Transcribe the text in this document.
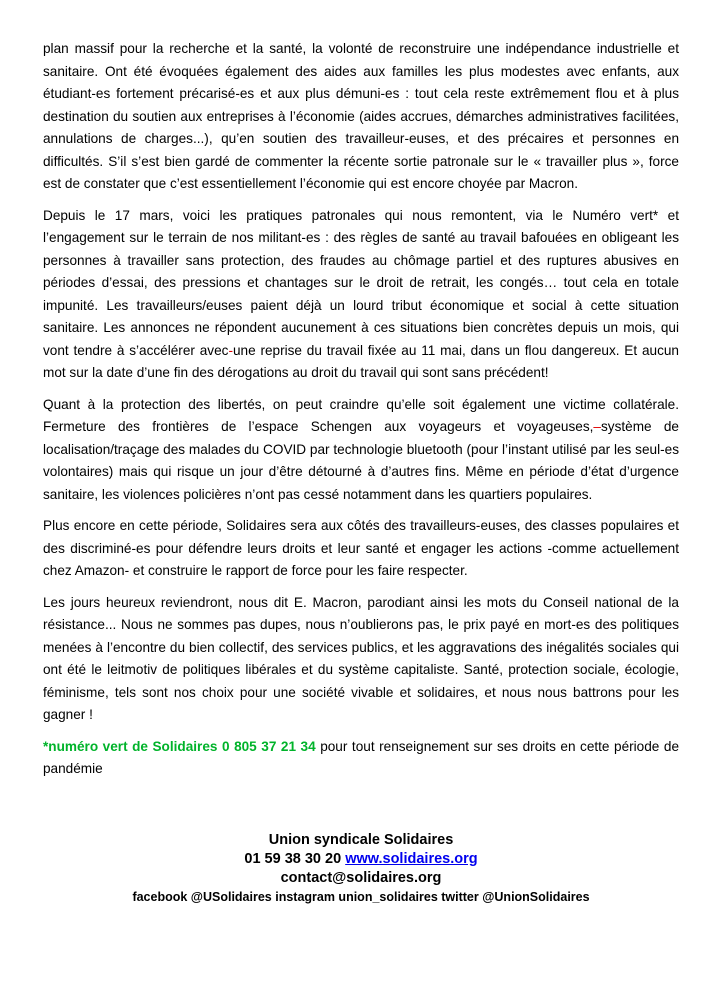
plan massif pour la recherche et la santé, la volonté de reconstruire une indépendance industrielle et sanitaire. Ont été évoquées également des aides aux familles les plus modestes avec enfants, aux étudiant-es fortement précarisé-es et aux plus démuni-es : tout cela reste extrêmement flou et à plus destination du soutien aux entreprises à l’économie (aides accrues, démarches administratives facilitées, annulations de charges...), qu’en soutien des travailleur-euses, et des précaires et personnes en difficultés. S’il s’est bien gardé de commenter la récente sortie patronale sur le « travailler plus », force est de constater que c’est essentiellement l’économie qui est encore choyée par Macron.

Depuis le 17 mars, voici les pratiques patronales qui nous remontent, via le Numéro vert* et l’engagement sur le terrain de nos militant-es : des règles de santé au travail bafouées en obligeant les personnes à travailler sans protection, des fraudes au chômage partiel et des ruptures abusives en périodes d’essai, des pressions et chantages sur le droit de retrait, les congés… tout cela en totale impunité. Les travailleurs/euses paient déjà un lourd tribut économique et social à cette situation sanitaire. Les annonces ne répondent aucunement à ces situations bien concrètes depuis un mois, qui vont tendre à s’accélérer avec-une reprise du travail fixée au 11 mai, dans un flou dangereux. Et aucun mot sur la date d’une fin des dérogations au droit du travail qui sont sans précédent!

Quant à la protection des libertés, on peut craindre qu’elle soit également une victime collatérale. Fermeture des frontières de l’espace Schengen aux voyageurs et voyageuses,–système de localisation/traçage des malades du COVID par technologie bluetooth (pour l’instant utilisé par les seul-es volontaires) mais qui risque un jour d’être détourné à d’autres fins. Même en période d’état d’urgence sanitaire, les violences policières n’ont pas cessé notamment dans les quartiers populaires.

Plus encore en cette période, Solidaires sera aux côtés des travailleurs-euses, des classes populaires et des discriminé-es pour défendre leurs droits et leur santé et engager les actions -comme actuellement chez Amazon- et construire le rapport de force pour les faire respecter.

Les jours heureux reviendront, nous dit E. Macron, parodiant ainsi les mots du Conseil national de la résistance... Nous ne sommes pas dupes, nous n’oublierons pas, le prix payé en mort-es des politiques menées à l’encontre du bien collectif, des services publics, et les aggravations des inégalités sociales qui ont été le leitmotiv de politiques libérales et du système capitaliste. Santé, protection sociale, écologie, féminisme, tels sont nos choix pour une société vivable et solidaires, et nous nous battrons pour les gagner !

*numéro vert de Solidaires 0 805 37 21 34 pour tout renseignement sur ses droits en cette période de pandémie

Union syndicale Solidaires
01 59 38 30 20 www.solidaires.org
contact@solidaires.org
facebook @USolidaires instagram union_solidaires twitter @UnionSolidaires
